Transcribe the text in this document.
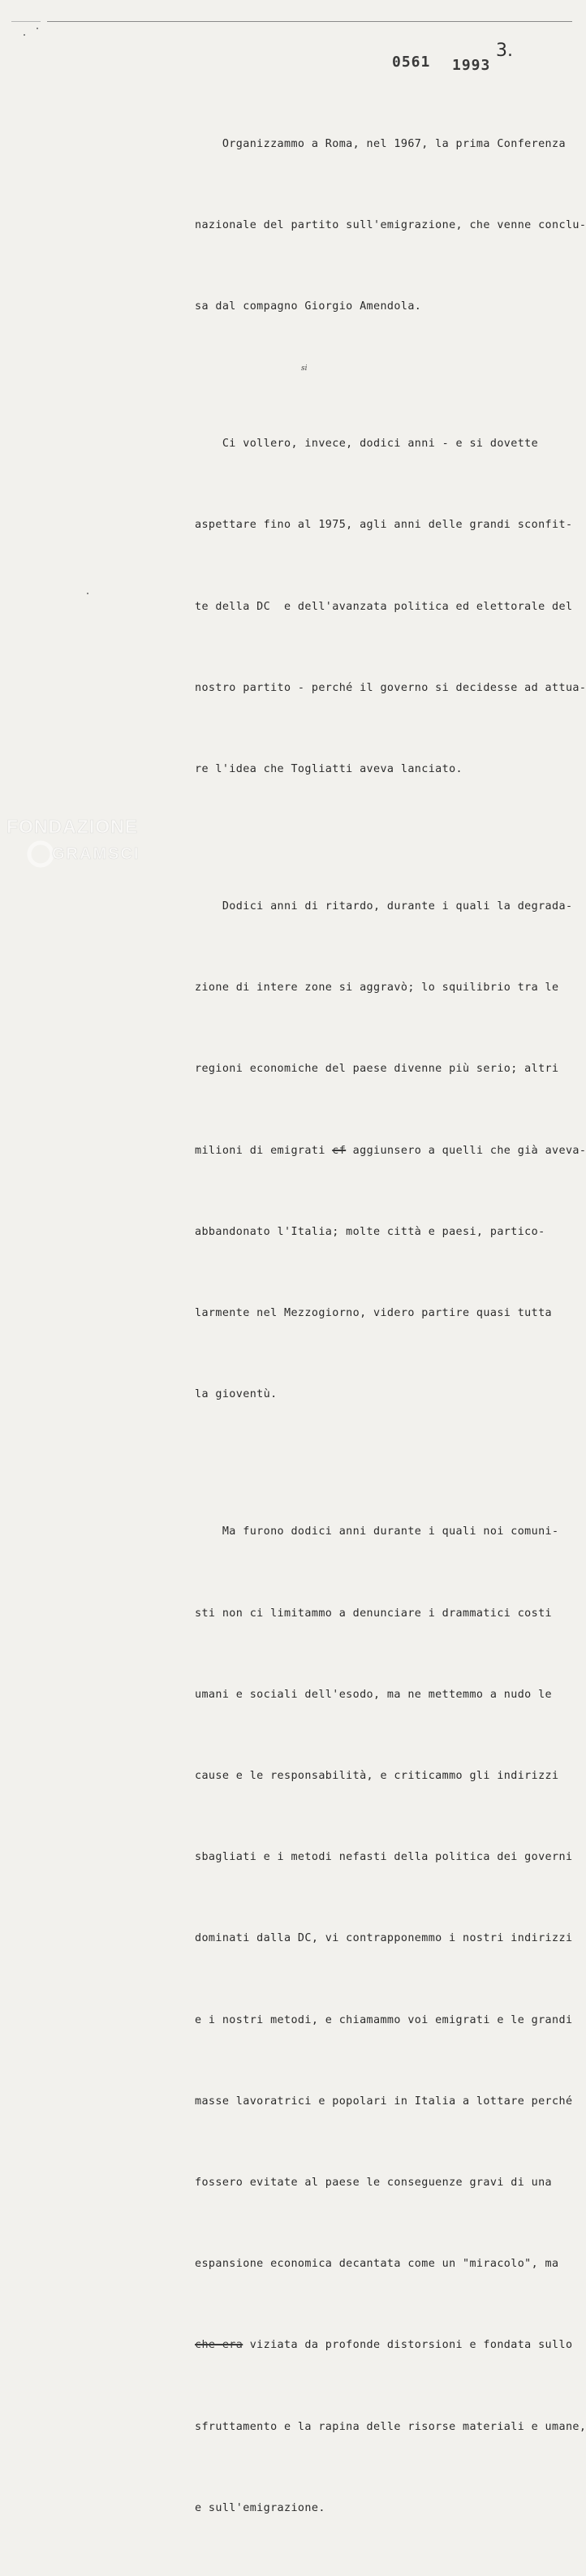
0561 1993
3.
si

Organizzammo a Roma, nel 1967, la prima Conferenza

nazionale del partito sull'emigrazione, che venne conclu-

sa dal compagno Giorgio Amendola.

Ci vollero, invece, dodici anni - e si dovette

aspettare fino al 1975, agli anni delle grandi sconfit-

te della DC  e dell'avanzata politica ed elettorale del

nostro partito - perché il governo si decidesse ad attua-

re l'idea che Togliatti aveva lanciato.

Dodici anni di ritardo, durante i quali la degrada-

zione di intere zone si aggravò; lo squilibrio tra le

regioni economiche del paese divenne più serio; altri

milioni di emigrati cf aggiunsero a quelli che già aveva-

abbandonato l'Italia; molte città e paesi, partico-

larmente nel Mezzogiorno, videro partire quasi tutta

la gioventù.

Ma furono dodici anni durante i quali noi comuni-

sti non ci limitammo a denunciare i drammatici costi

umani e sociali dell'esodo, ma ne mettemmo a nudo le

cause e le responsabilità, e criticammo gli indirizzi

sbagliati e i metodi nefasti della politica dei governi

dominati dalla DC, vi contrapponemmo i nostri indirizzi

e i nostri metodi, e chiamammo voi emigrati e le grandi

masse lavoratrici e popolari in Italia a lottare perché

fossero evitate al paese le conseguenze gravi di una

espansione economica decantata come un "miracolo", ma

che era viziata da profonde distorsioni e fondata sullo

sfruttamento e la rapina delle risorse materiali e umane,

e sull'emigrazione.

FONDAZIONE
GRAMSCI
